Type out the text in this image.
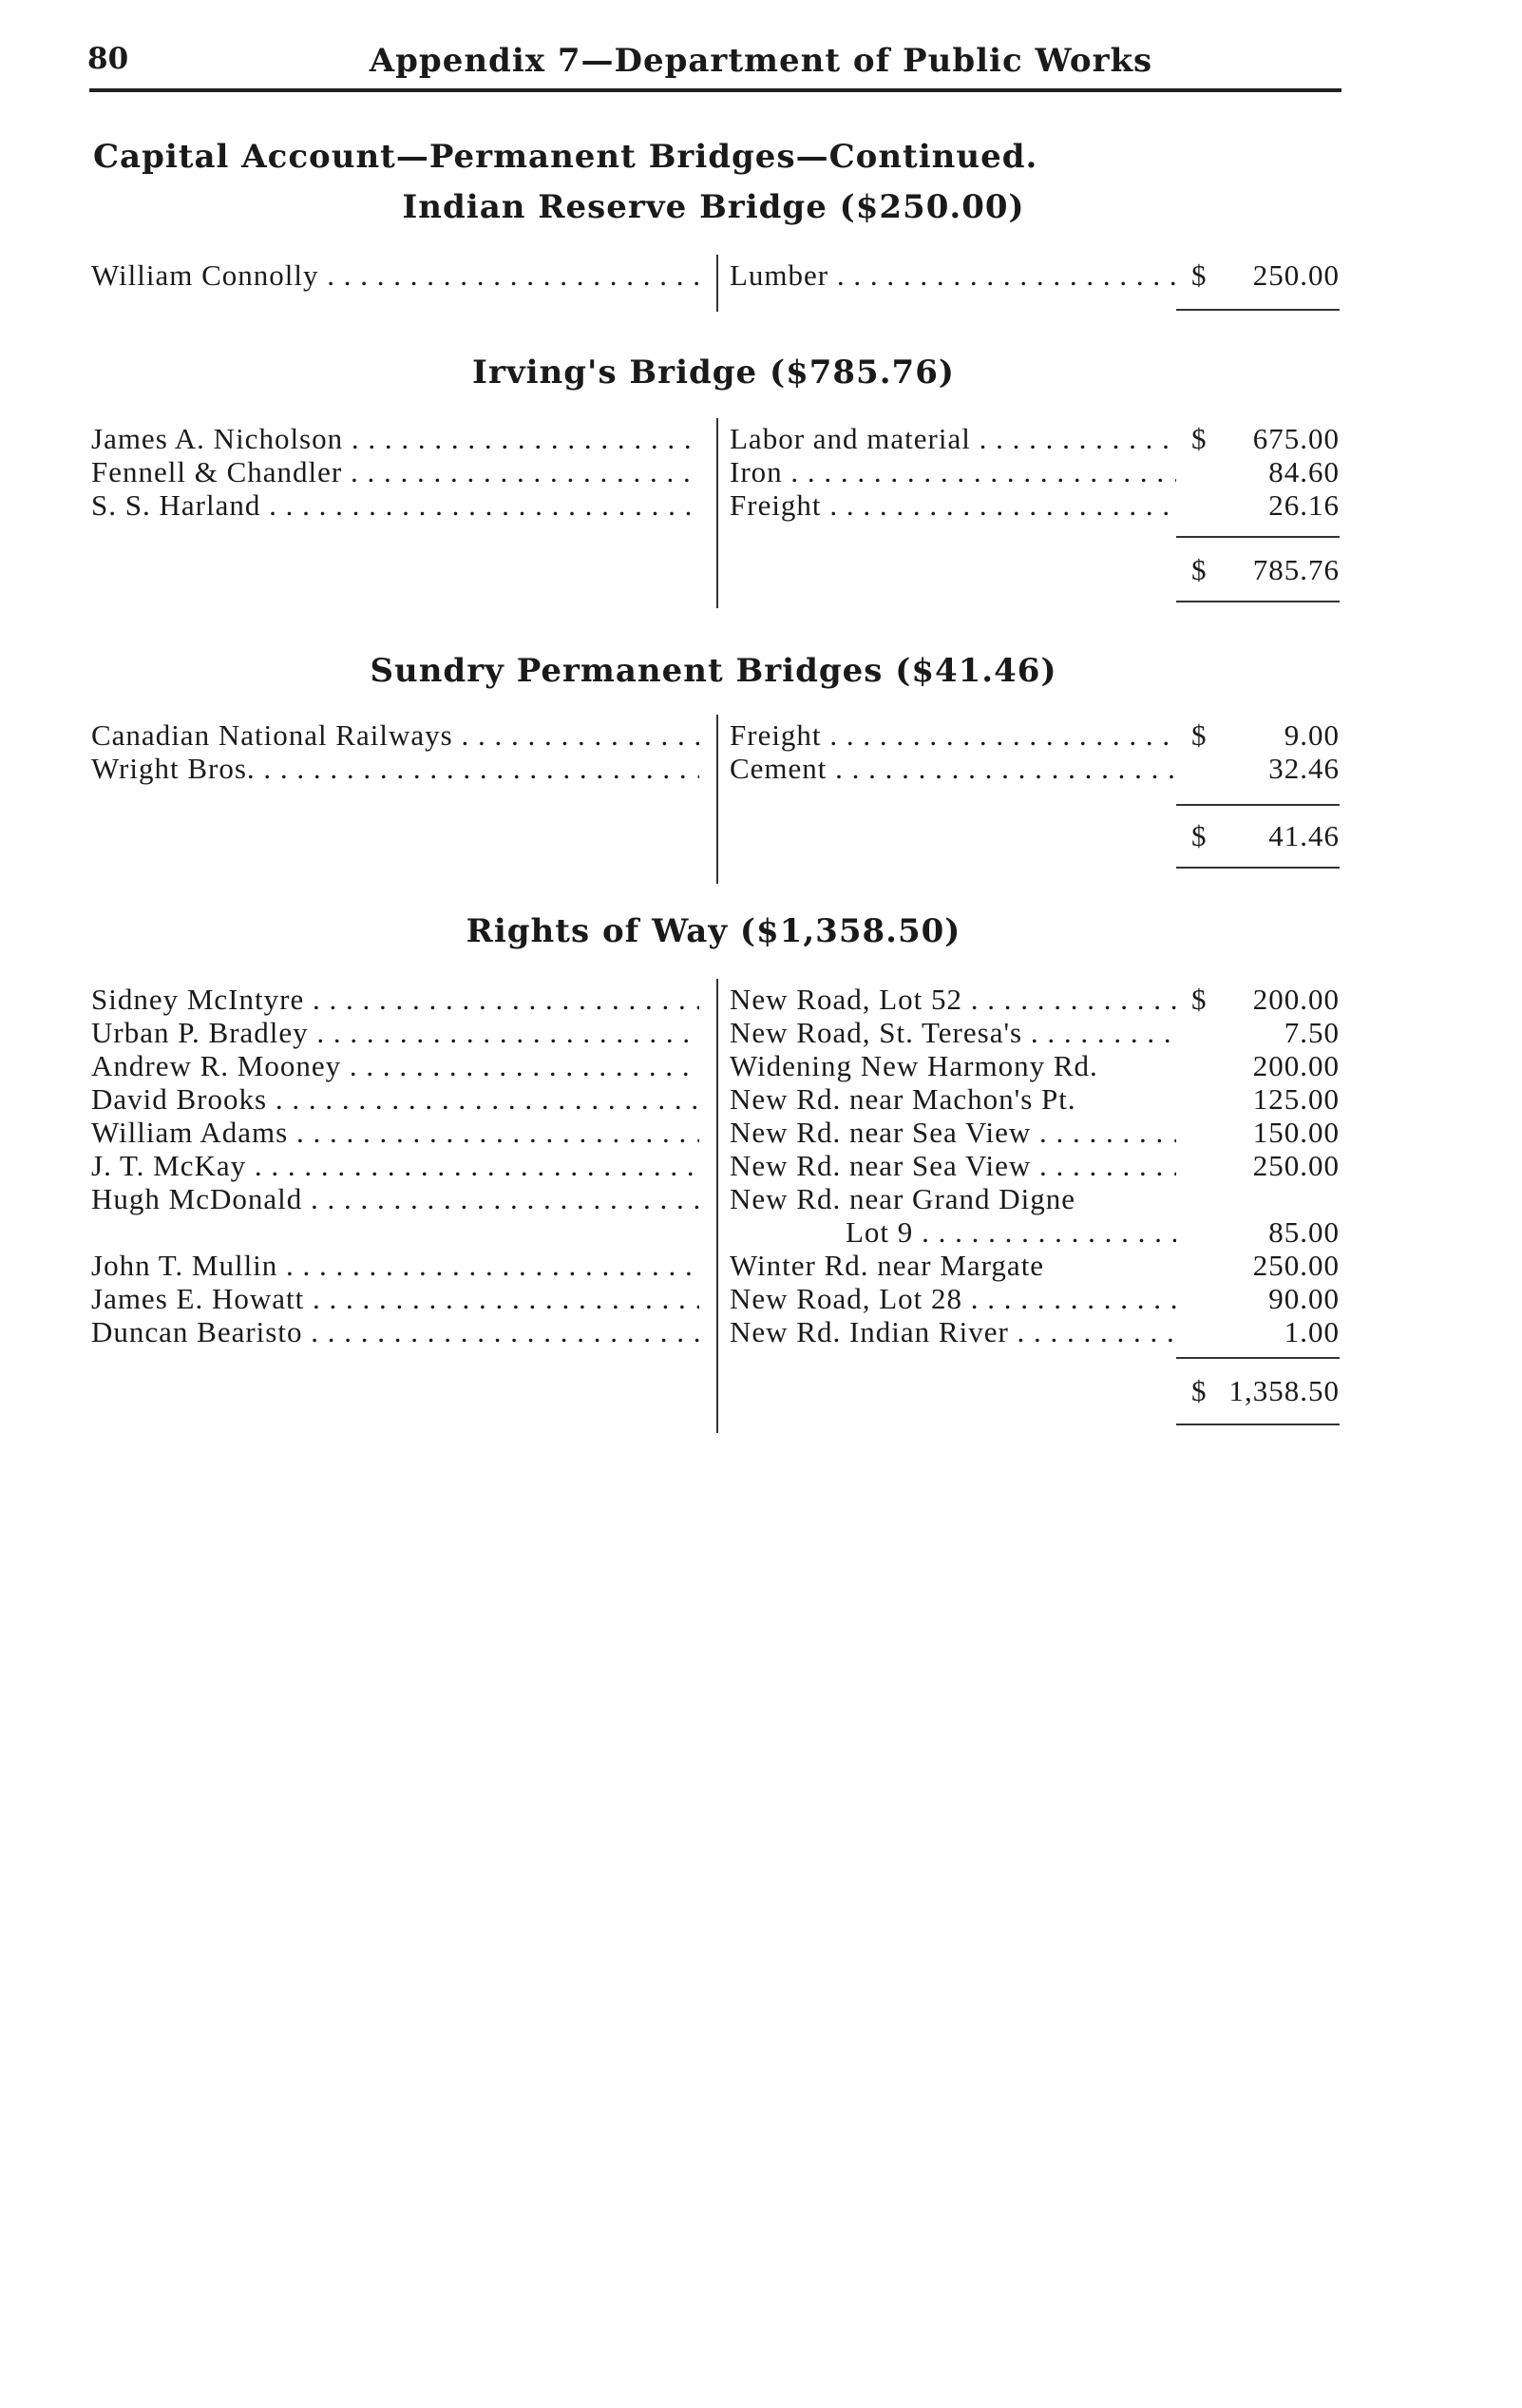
80	Appendix 7—Department of Public Works
Capital Account—Permanent Bridges—Continued.
Indian Reserve Bridge ($250.00)
William Connolly . . .	Lumber . . .	$	250.00
Irving's Bridge ($785.76)
James A. Nicholson . . .	Labor and material . . .	$	675.00
Fennell & Chandler . . .	Iron . . .	84.60
S. S. Harland . . .	Freight . . .	26.16
$	785.76
Sundry Permanent Bridges ($41.46)
Canadian National Railways . . .	Freight . . .	$	9.00
Wright Bros. . . .	Cement . . .	32.46
$	41.46
Rights of Way ($1,358.50)
Sidney McIntyre . . .	New Road, Lot 52 . . .	$	200.00
Urban P. Bradley . . .	New Road, St. Teresa's . . .	7.50
Andrew R. Mooney . . .	Widening New Harmony Rd.	200.00
David Brooks . . .	New Rd. near Machon's Pt.	125.00
William Adams . . .	New Rd. near Sea View . . .	150.00
J. T. McKay . . .	New Rd. near Sea View . . .	250.00
Hugh McDonald . . .	New Rd. near Grand Digne
Lot 9 . . .	85.00
John T. Mullin . . .	Winter Rd. near Margate	250.00
James E. Howatt . . .	New Road, Lot 28 . . .	90.00
Duncan Bearisto . . .	New Rd. Indian River . . .	1.00
$ 1,358.50
